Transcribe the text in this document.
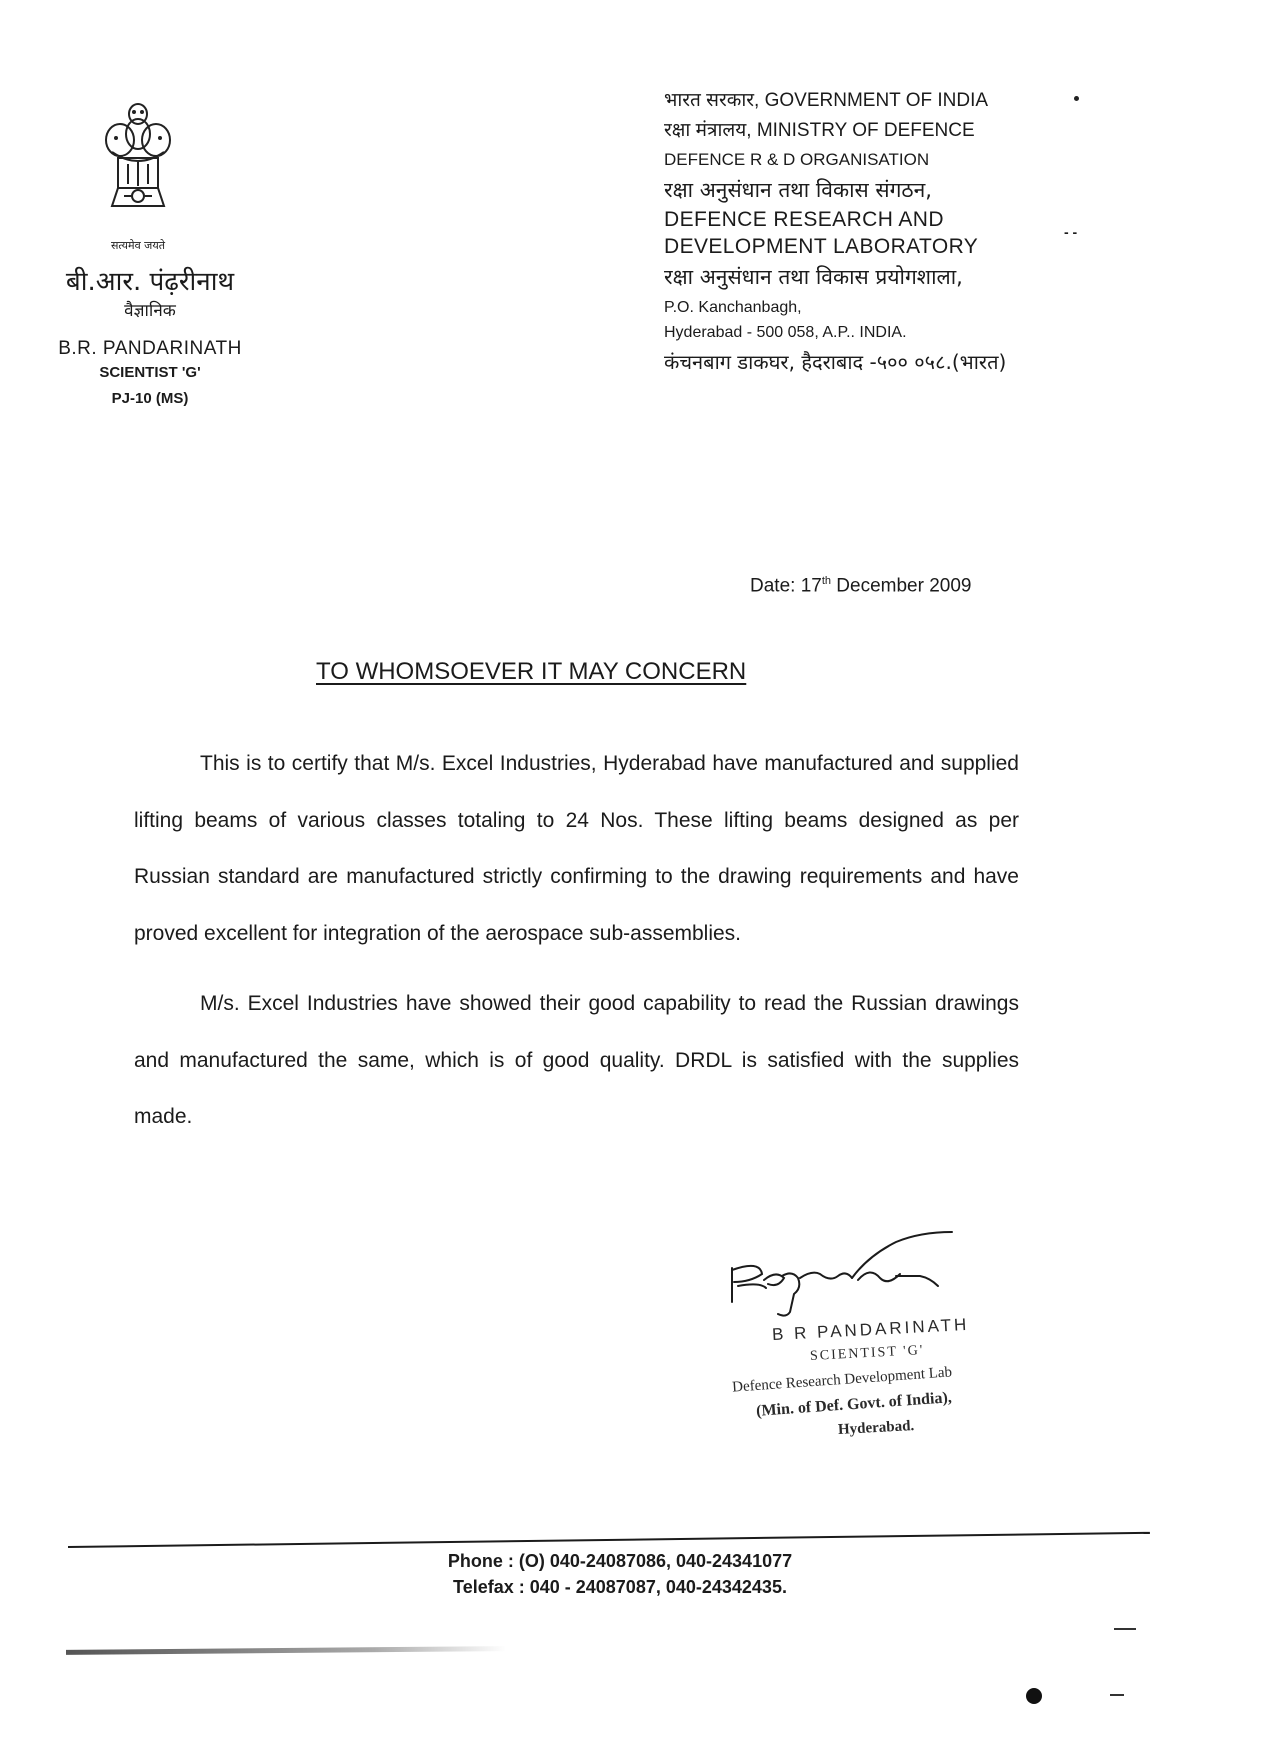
सत्यमेव जयते
बी.आर. पंढ़रीनाथ
वैज्ञानिक
B.R. PANDARINATH
SCIENTIST 'G'
PJ-10 (MS)
भारत सरकार, GOVERNMENT OF INDIA
रक्षा मंत्रालय, MINISTRY OF DEFENCE
DEFENCE R & D ORGANISATION
रक्षा अनुसंधान तथा विकास संगठन,
DEFENCE RESEARCH AND
DEVELOPMENT LABORATORY
रक्षा अनुसंधान तथा विकास प्रयोगशाला,
P.O. Kanchanbagh,
Hyderabad - 500 058, A.P.. INDIA.
कंचनबाग डाकघर, हैदराबाद -५०० ०५८.(भारत)
- -
Date: 17th December 2009
TO WHOMSOEVER IT MAY CONCERN

This is to certify that M/s. Excel Industries, Hyderabad have manufactured and supplied lifting beams of various classes totaling to 24 Nos. These lifting beams designed as per Russian standard are manufactured strictly confirming to the drawing requirements and have proved excellent for integration of the aerospace sub-assemblies.

M/s. Excel Industries have showed their good capability to read the Russian drawings and manufactured the same, which is of good quality. DRDL is satisfied with the supplies made.

B R PANDARINATH
SCIENTIST 'G'
Defence Research Development Lab
(Min. of Def. Govt. of India),
Hyderabad.
Phone : (O) 040-24087086, 040-24341077
Telefax : 040 - 24087087, 040-24342435.
